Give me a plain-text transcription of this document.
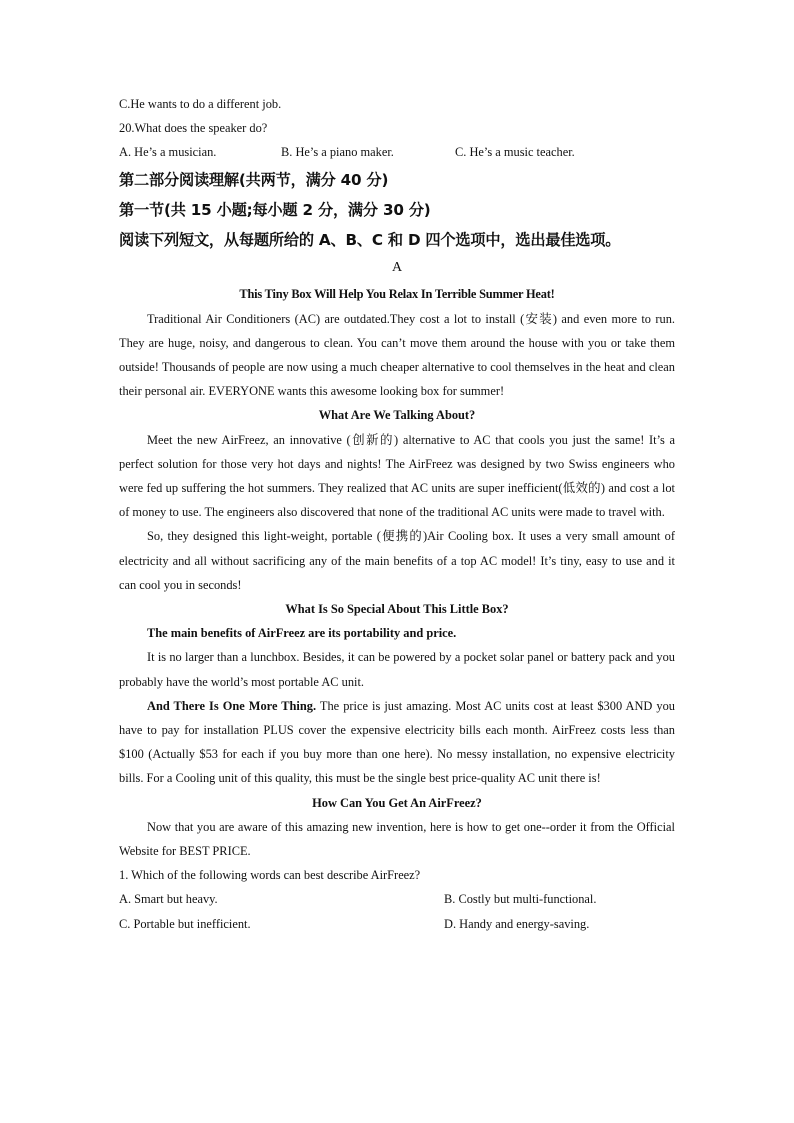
C.He wants to do a different job.
20.What does the speaker do?
A. He’s a musician.	B. He’s a piano maker.	C. He’s a music teacher.
第二部分阅读理解(共两节，满分 40 分)
第一节(共 15 小题;每小题 2 分，满分 30 分)
阅读下列短文，从每题所给的 A、B、C 和 D 四个选项中，选出最佳选项。
A
This Tiny Box Will Help You Relax In Terrible Summer Heat!

Traditional Air Conditioners (AC) are outdated.They cost a lot to install (安装) and even more to run. They are huge, noisy, and dangerous to clean. You can’t move them around the house with you or take them outside! Thousands of people are now using a much cheaper alternative to cool themselves in the heat and clean their personal air. EVERYONE wants this awesome looking box for summer!

What Are We Talking About?

Meet the new AirFreez, an innovative (创新的) alternative to AC that cools you just the same! It’s a perfect solution for those very hot days and nights! The AirFreez was designed by two Swiss engineers who were fed up suffering the hot summers. They realized that AC units are super inefficient(低效的) and cost a lot of money to use. The engineers also discovered that none of the traditional AC units were made to travel with.

So, they designed this light-weight, portable (便携的)Air Cooling box. It uses a very small amount of electricity and all without sacrificing any of the main benefits of a top AC model! It’s tiny, easy to use and it can cool you in seconds!

What Is So Special About This Little Box?

The main benefits of AirFreez are its portability and price.

It is no larger than a lunchbox. Besides, it can be powered by a pocket solar panel or battery pack and you probably have the world’s most portable AC unit.

And There Is One More Thing. The price is just amazing. Most AC units cost at least $300 AND you have to pay for installation PLUS cover the expensive electricity bills each month. AirFreez costs less than $100 (Actually $53 for each if you buy more than one here). No messy installation, no expensive electricity bills. For a Cooling unit of this quality, this must be the single best price-quality AC unit there is!

How Can You Get An AirFreez?

Now that you are aware of this amazing new invention, here is how to get one--order it from the Official Website for BEST PRICE.

1. Which of the following words can best describe AirFreez?
A. Smart but heavy.	B. Costly but multi-functional.
C. Portable but inefficient.	D. Handy and energy-saving.
